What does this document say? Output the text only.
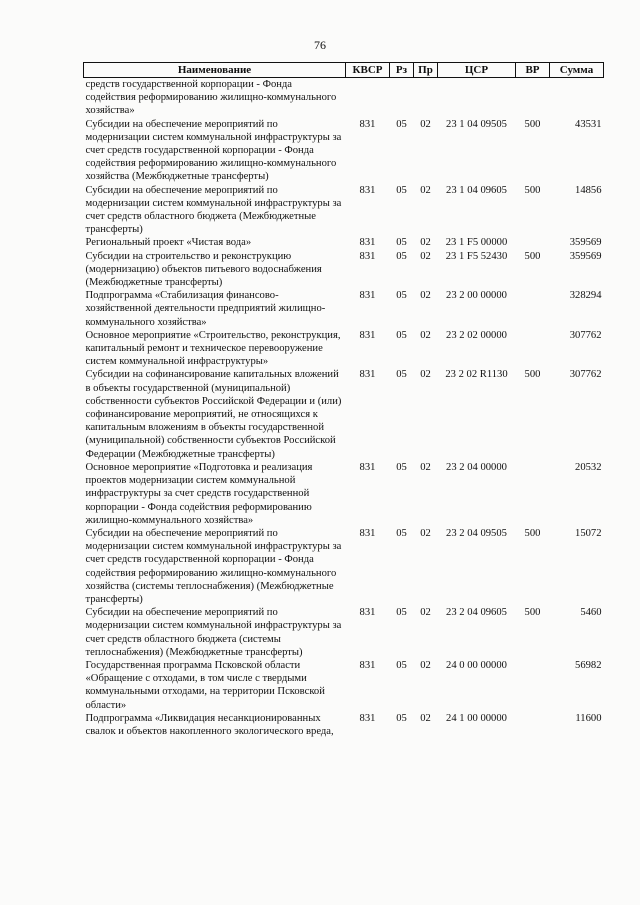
76
Наименование	КВСР	Рз	Пр	ЦСР	ВР	Сумма
средств государственной корпорации - Фонда содействия реформированию жилищно-коммунального хозяйства»						
Субсидии на обеспечение мероприятий по модернизации систем коммунальной инфраструктуры за счет средств государственной корпорации - Фонда содействия реформированию жилищно-коммунального хозяйства (Межбюджетные трансферты)	831	05	02	23 1 04 09505	500	43531
Субсидии на обеспечение мероприятий по модернизации систем коммунальной инфраструктуры за счет средств областного бюджета (Межбюджетные трансферты)	831	05	02	23 1 04 09605	500	14856
Региональный проект «Чистая вода»	831	05	02	23 1 F5 00000		359569
Субсидии на строительство и реконструкцию (модернизацию) объектов питьевого водоснабжения (Межбюджетные трансферты)	831	05	02	23 1 F5 52430	500	359569
Подпрограмма «Стабилизация финансово-хозяйственной деятельности предприятий жилищно-коммунального хозяйства»	831	05	02	23 2 00 00000		328294
Основное мероприятие «Строительство, реконструкция, капитальный ремонт и техническое перевооружение систем коммунальной инфраструктуры»	831	05	02	23 2 02 00000		307762
Субсидии на софинансирование капитальных вложений в объекты государственной (муниципальной) собственности субъектов Российской Федерации и (или) софинансирование мероприятий, не относящихся к капитальным вложениям в объекты государственной (муниципальной) собственности субъектов Российской Федерации (Межбюджетные трансферты)	831	05	02	23 2 02 R1130	500	307762
Основное мероприятие «Подготовка и реализация проектов модернизации систем коммунальной инфраструктуры за счет средств государственной корпорации - Фонда содействия реформированию жилищно-коммунального хозяйства»	831	05	02	23 2 04 00000		20532
Субсидии на обеспечение мероприятий по модернизации систем коммунальной инфраструктуры за счет средств государственной корпорации - Фонда содействия реформированию жилищно-коммунального хозяйства (системы теплоснабжения) (Межбюджетные трансферты)	831	05	02	23 2 04 09505	500	15072
Субсидии на обеспечение мероприятий по модернизации систем коммунальной инфраструктуры за счет средств областного бюджета (системы теплоснабжения) (Межбюджетные трансферты)	831	05	02	23 2 04 09605	500	5460
Государственная программа Псковской области «Обращение с отходами, в том числе с твердыми коммунальными отходами, на территории Псковской области»	831	05	02	24 0 00 00000		56982
Подпрограмма «Ликвидация несанкционированных свалок и объектов накопленного экологического вреда,	831	05	02	24 1 00 00000		11600
